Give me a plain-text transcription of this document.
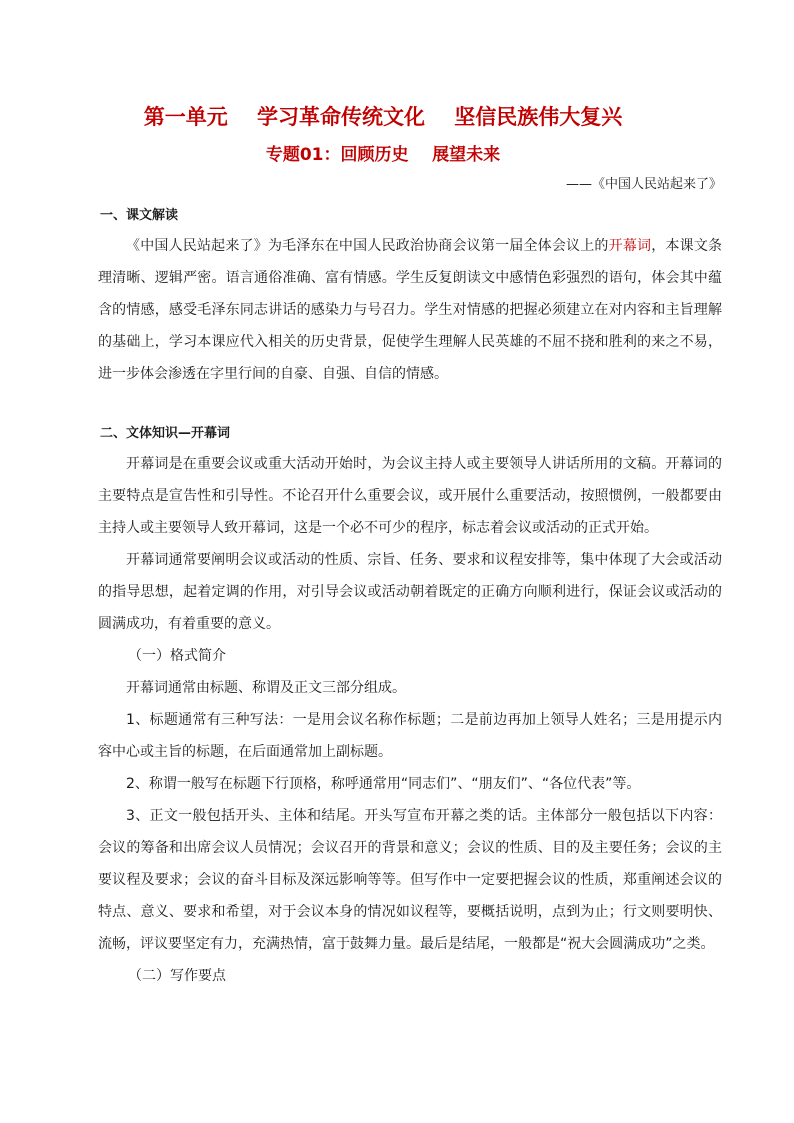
第一单元    学习革命传统文化    坚信民族伟大复兴
专题01：回顾历史    展望未来

——《中国人民站起来了》

一、课文解读

《中国人民站起来了》为毛泽东在中国人民政治协商会议第一届全体会议上的开幕词，本课文条理清晰、逻辑严密。语言通俗准确、富有情感。学生反复朗读文中感情色彩强烈的语句，体会其中蕴含的情感，感受毛泽东同志讲话的感染力与号召力。学生对情感的把握必须建立在对内容和主旨理解的基础上，学习本课应代入相关的历史背景，促使学生理解人民英雄的不屈不挠和胜利的来之不易，进一步体会渗透在字里行间的自豪、自强、自信的情感。

二、文体知识—开幕词

开幕词是在重要会议或重大活动开始时，为会议主持人或主要领导人讲话所用的文稿。开幕词的主要特点是宣告性和引导性。不论召开什么重要会议，或开展什么重要活动，按照惯例，一般都要由主持人或主要领导人致开幕词，这是一个必不可少的程序，标志着会议或活动的正式开始。

开幕词通常要阐明会议或活动的性质、宗旨、任务、要求和议程安排等，集中体现了大会或活动的指导思想，起着定调的作用，对引导会议或活动朝着既定的正确方向顺利进行，保证会议或活动的圆满成功，有着重要的意义。

（一）格式简介

开幕词通常由标题、称谓及正文三部分组成。

1、标题通常有三种写法：一是用会议名称作标题；二是前边再加上领导人姓名；三是用提示内容中心或主旨的标题，在后面通常加上副标题。

2、称谓一般写在标题下行顶格，称呼通常用“同志们”、“朋友们”、“各位代表”等。

3、正文一般包括开头、主体和结尾。开头写宣布开幕之类的话。主体部分一般包括以下内容：会议的筹备和出席会议人员情况；会议召开的背景和意义；会议的性质、目的及主要任务；会议的主要议程及要求；会议的奋斗目标及深远影响等等。但写作中一定要把握会议的性质，郑重阐述会议的特点、意义、要求和希望，对于会议本身的情况如议程等，要概括说明，点到为止；行文则要明快、流畅，评议要坚定有力，充满热情，富于鼓舞力量。最后是结尾，一般都是“祝大会圆满成功”之类。

（二）写作要点
